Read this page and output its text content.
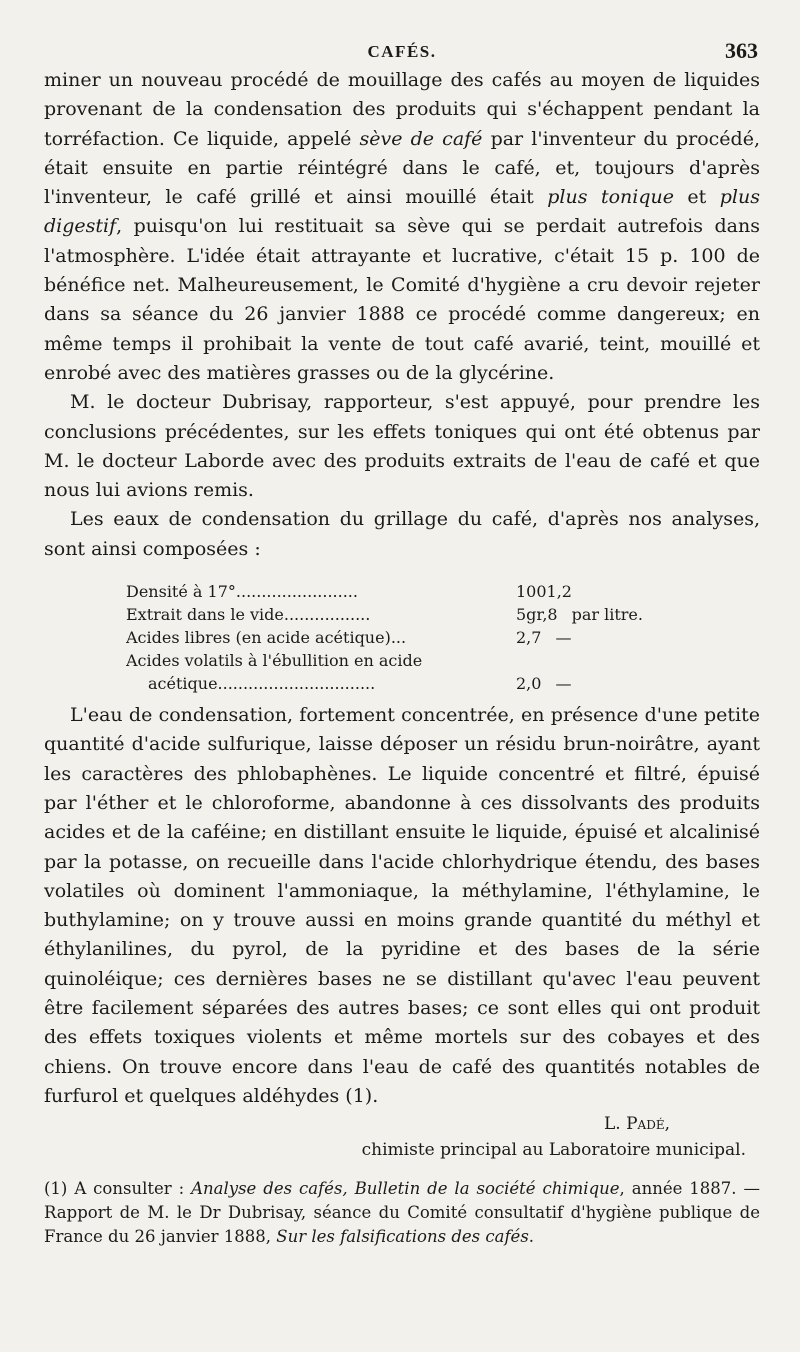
CAFÉS.	363

miner un nouveau procédé de mouillage des cafés au moyen de liquides provenant de la condensation des produits qui s'échappent pendant la torréfaction. Ce liquide, appelé sève de café par l'inventeur du procédé, était ensuite en partie réintégré dans le café, et, toujours d'après l'inventeur, le café grillé et ainsi mouillé était plus tonique et plus digestif, puisqu'on lui restituait sa sève qui se perdait autrefois dans l'atmosphère. L'idée était attrayante et lucrative, c'était 15 p. 100 de bénéfice net. Malheureusement, le Comité d'hygiène a cru devoir rejeter dans sa séance du 26 janvier 1888 ce procédé comme dangereux; en même temps il prohibait la vente de tout café avarié, teint, mouillé et enrobé avec des matières grasses ou de la glycérine.

M. le docteur Dubrisay, rapporteur, s'est appuyé, pour prendre les conclusions précédentes, sur les effets toniques qui ont été obtenus par M. le docteur Laborde avec des produits extraits de l'eau de café et que nous lui avions remis.

Les eaux de condensation du grillage du café, d'après nos analyses, sont ainsi composées :

Densité à 17°........................	1001,2
Extrait dans le vide.................	5gr,8 par litre.
Acides libres (en acide acétique)...	2,7 —
Acides volatils à l'ébullition en acide
acétique...............................	2,0 —

L'eau de condensation, fortement concentrée, en présence d'une petite quantité d'acide sulfurique, laisse déposer un résidu brun-noirâtre, ayant les caractères des phlobaphènes. Le liquide concentré et filtré, épuisé par l'éther et le chloroforme, abandonne à ces dissolvants des produits acides et de la caféine; en distillant ensuite le liquide, épuisé et alcalinisé par la potasse, on recueille dans l'acide chlorhydrique étendu, des bases volatiles où dominent l'ammoniaque, la méthylamine, l'éthylamine, le buthylamine; on y trouve aussi en moins grande quantité du méthyl et éthylanilines, du pyrol, de la pyridine et des bases de la série quinoléique; ces dernières bases ne se distillant qu'avec l'eau peuvent être facilement séparées des autres bases; ce sont elles qui ont produit des effets toxiques violents et même mortels sur des cobayes et des chiens. On trouve encore dans l'eau de café des quantités notables de furfurol et quelques aldéhydes (1).

L. Padé,
chimiste principal au Laboratoire municipal.
(1) A consulter : Analyse des cafés, Bulletin de la société chimique, année 1887. — Rapport de M. le Dr Dubrisay, séance du Comité consultatif d'hygiène publique de France du 26 janvier 1888, Sur les falsifications des cafés.
